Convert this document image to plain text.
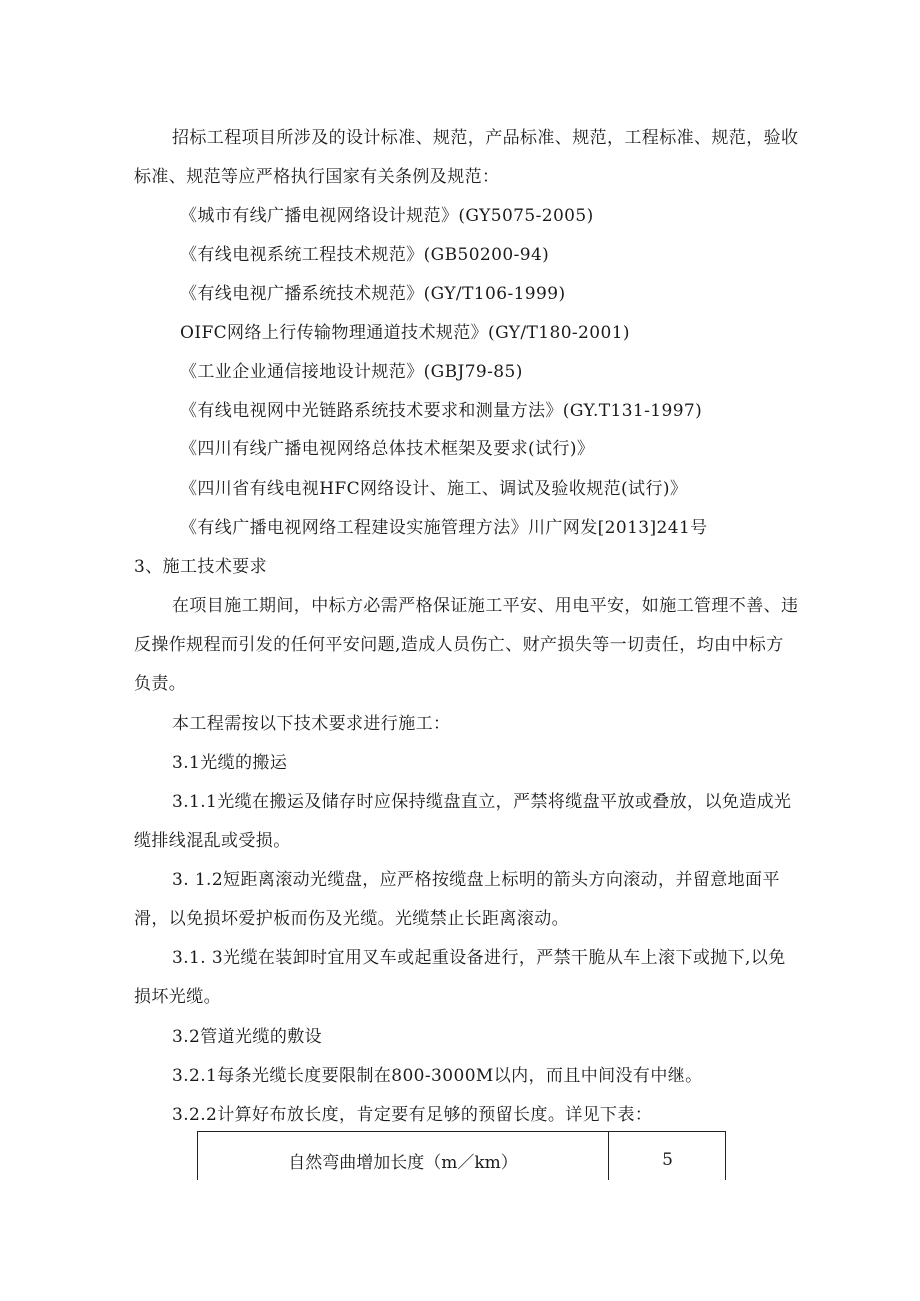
招标工程项目所涉及的设计标准、规范，产品标准、规范，工程标准、规范，验收
标准、规范等应严格执行国家有关条例及规范：
《城市有线广播电视网络设计规范》(GY5075-2005)
《有线电视系统工程技术规范》(GB50200-94)
《有线电视广播系统技术规范》(GY/T106-1999)
OIFC网络上行传输物理通道技术规范》(GY/T180-2001)
《工业企业通信接地设计规范》(GBJ79-85)
《有线电视网中光链路系统技术要求和测量方法》(GY.T131-1997)
《四川有线广播电视网络总体技术框架及要求(试行)》
《四川省有线电视HFC网络设计、施工、调试及验收规范(试行)》
《有线广播电视网络工程建设实施管理方法》川广网发[2013]241号
3、施工技术要求
在项目施工期间，中标方必需严格保证施工平安、用电平安，如施工管理不善、违
反操作规程而引发的任何平安问题,造成人员伤亡、财产损失等一切责任，均由中标方
负责。
本工程需按以下技术要求进行施工：
3.1光缆的搬运
3.1.1光缆在搬运及储存时应保持缆盘直立，严禁将缆盘平放或叠放，以免造成光
缆排线混乱或受损。
3. 1.2短距离滚动光缆盘，应严格按缆盘上标明的箭头方向滚动，并留意地面平
滑，以免损坏爱护板而伤及光缆。光缆禁止长距离滚动。
3.1. 3光缆在装卸时宜用叉车或起重设备进行，严禁干脆从车上滚下或抛下,以免
损坏光缆。
3.2管道光缆的敷设
3.2.1每条光缆长度要限制在800-3000M以内，而且中间没有中继。
3.2.2计算好布放长度，肯定要有足够的预留长度。详见下表：
自然弯曲增加长度（m／km）	5
